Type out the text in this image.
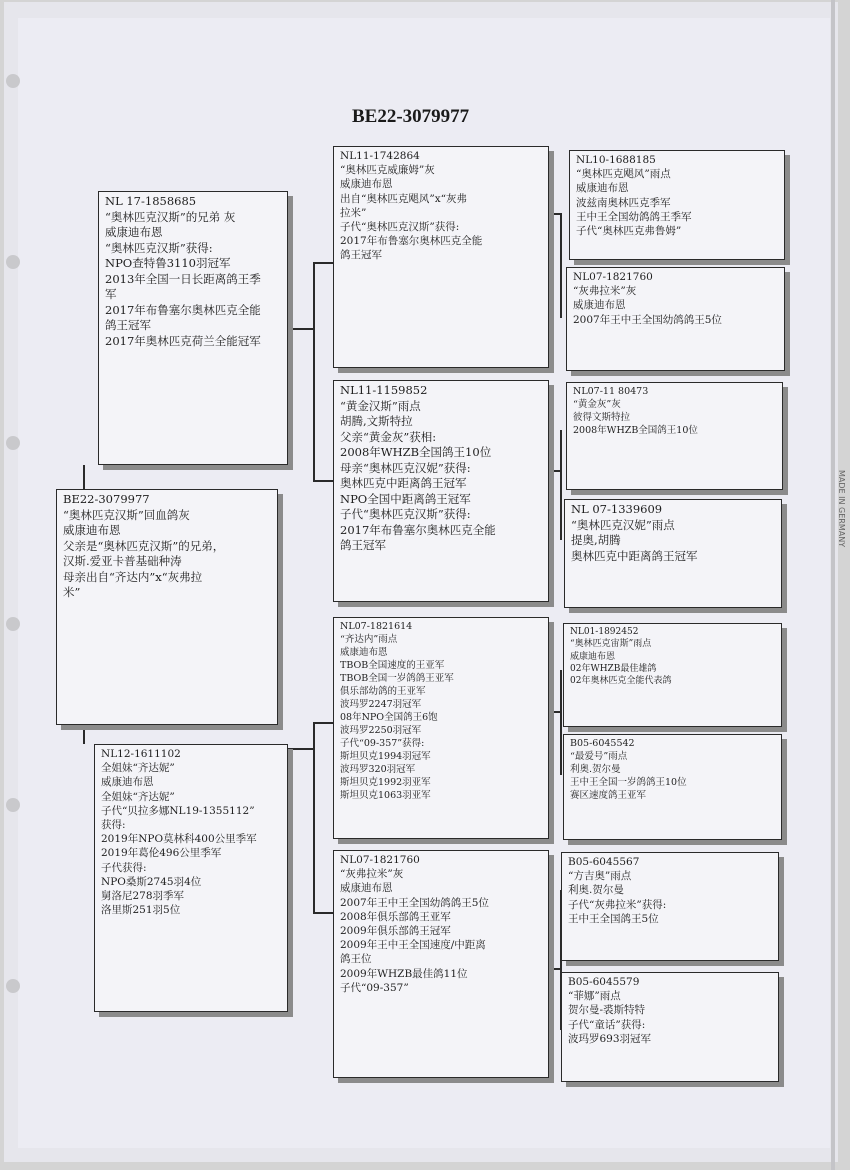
MADE IN GERMANY
BE22-3079977

BE22-3079977

“奥林匹克汉斯”回血鸽灰

威康迪布恩

父亲是“奥林匹克汉斯”的兄弟，

汉斯.爱亚卡普基础种涛

母亲出自“齐达内”x“灰弗拉

米”

NL 17-1858685

“奥林匹克汉斯”的兄弟 灰

威康迪布恩

“奥林匹克汉斯”获得:

NPO查特鲁3110羽冠军

2013年全国一日长距离鸽王季

军

2017年布鲁塞尔奥林匹克全能

鸽王冠军

2017年奥林匹克荷兰全能冠军

NL12-1611102

全姐妹“齐达妮”

威康迪布恩

全姐妹“齐达妮”

子代“贝拉多娜NL19-1355112”

获得:

2019年NPO莫林科400公里季军

2019年葛伦496公里季军

子代获得:

NPO桑斯2745羽4位

舅洛尼278羽季军

洛里斯251羽5位

NL11-1742864

“奥林匹克威廉姆”灰

威康迪布恩

出自“奥林匹克飓风”x“灰弗

拉米”

子代“奥林匹克汉斯”获得:

2017年布鲁塞尔奥林匹克全能

鸽王冠军

NL11-1159852

“黄金汉斯”雨点

胡腾,文斯特拉

父亲“黄金灰”获相:

2008年WHZB全国鸽王10位

母亲“奥林匹克汉妮”获得:

奥林匹克中距离鸽王冠军

NPO全国中距离鸽王冠军

子代“奥林匹克汉斯”获得:

2017年布鲁塞尔奥林匹克全能

鸽王冠军

NL07-1821614

“齐达内”雨点

威康迪布恩

TBOB全国速度的王亚军

TBOB全国一岁鸽鸽王亚军

俱乐部幼鸽的王亚军

波玛罗2247羽冠军

08年NPO全国鸽王6饱

波玛罗2250羽冠军

子代“09-357”获得:

斯坦贝克1994羽冠军

波玛罗320羽冠军

斯坦贝克1992羽亚军

斯坦贝克1063羽亚军

NL07-1821760

“灰弗拉米”灰

威康迪布恩

2007年王中王全国幼鸽鸽王5位

2008年俱乐部鸽王亚军

2009年俱乐部鸽王冠军

2009年王中王全国速度/中距离

鸽王位

2009年WHZB最佳鸽11位

子代“09-357”

NL10-1688185

“奥林匹克飓风”雨点

威康迪布恩

波兹南奥林匹克季军

王中王全国幼鸽鸽王季军

子代“奥林匹克弗鲁姆”

NL07-1821760

“灰弗拉米”灰

威康迪布恩

2007年王中王全国幼鸽鸽王5位

NL07-11 80473

“黄金灰”灰

彼得文斯特拉

2008年WHZB全国鸽王10位

NL 07-1339609

“奥林匹克汉妮”雨点

提奥,胡腾

奥林匹克中距离鸽王冠军

NL01-1892452

“奥林匹克宙斯”雨点

威康迪布恩

02年WHZB最佳雄鸽

02年奥林匹克全能代表鸽

B05-6045542

“最爱号”雨点

利奥.贺尔曼

王中王全国一岁鸽鸽王10位

赛区速度鸽王亚军

B05-6045567

“方吉奥”雨点

利奥.贺尔曼

子代“灰弗拉米”获得:

王中王全国鸽王5位

B05-6045579

“菲娜”雨点

贺尔曼-裘斯特特

子代“童话”获得:

波玛罗693羽冠军
